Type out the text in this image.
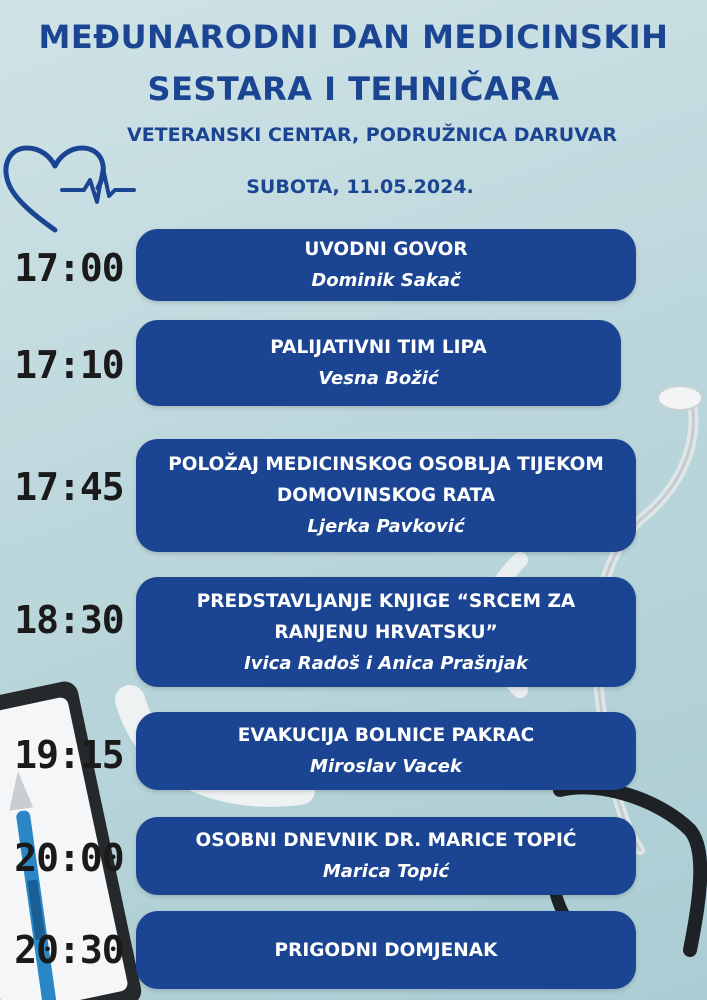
MEĐUNARODNI DAN MEDICINSKIH
SESTARA I TEHNIČARA
VETERANSKI CENTAR, PODRUŽNICA DARUVAR
SUBOTA, 11.05.2024.
17:00	UVODNI GOVOR
Dominik Sakač
17:10	PALIJATIVNI TIM LIPA
Vesna Božić
17:45
POLOŽAJ MEDICINSKOG OSOBLJA TIJEKOM
DOMOVINSKOG RATA
Ljerka Pavković
18:30	PREDSTAVLJANJE KNJIGE “SRCEM ZA
RANJENU HRVATSKU”
Ivica Radoš i Anica Prašnjak
19:15	EVAKUCIJA BOLNICE PAKRAC
Miroslav Vacek
20:00	OSOBNI DNEVNIK DR. MARICE TOPIĆ
Marica Topić
20:30	PRIGODNI DOMJENAK
